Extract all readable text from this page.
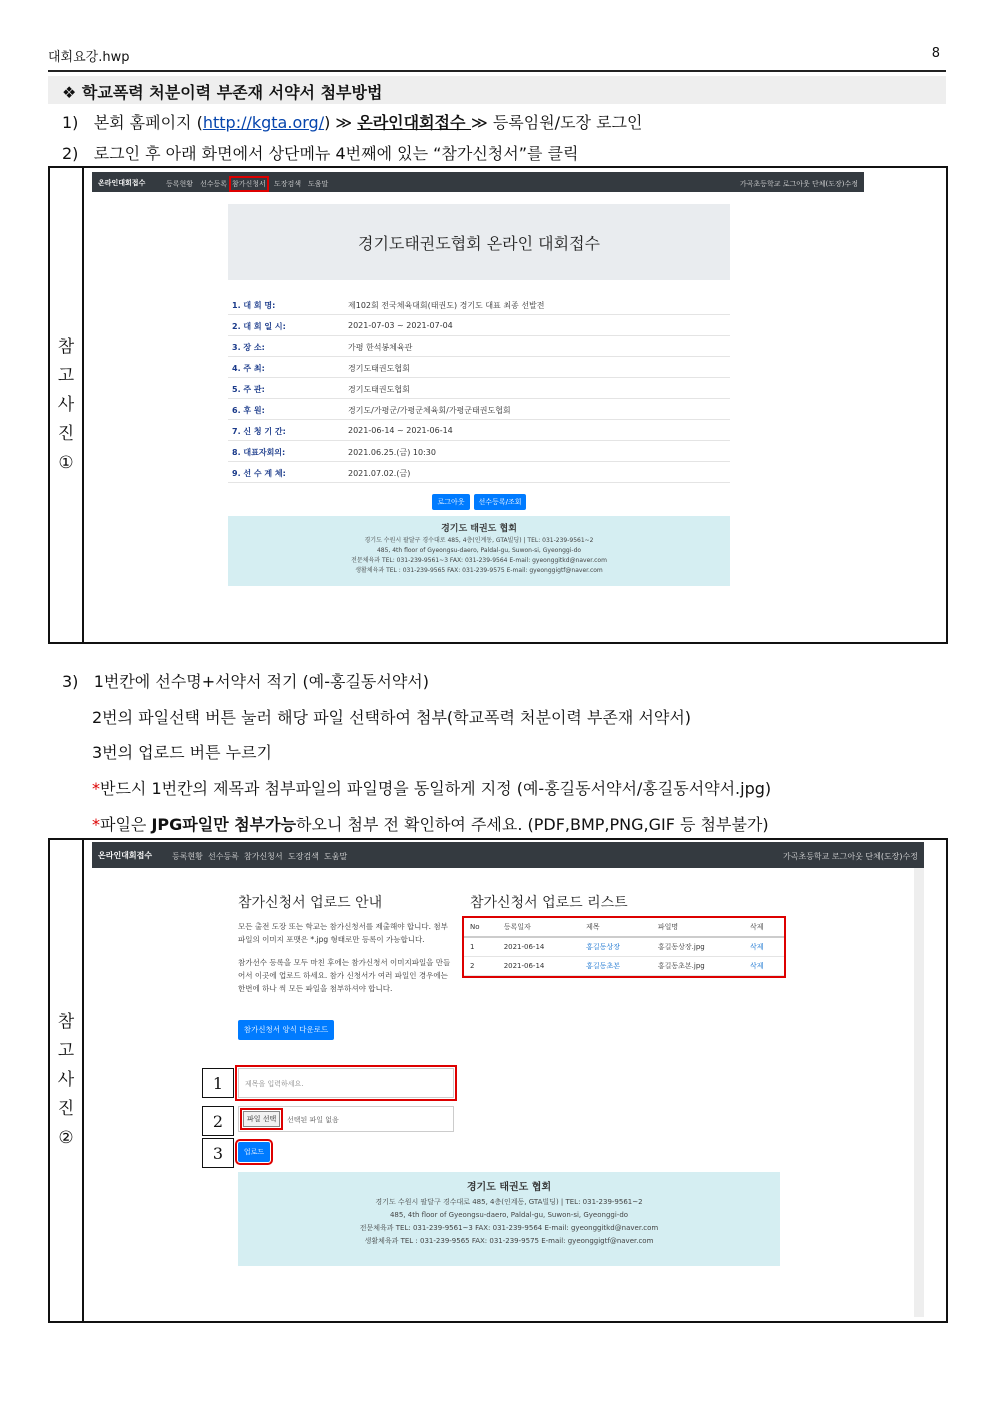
대회요강.hwp	8
❖ 학교폭력 처분이력 부존재 서약서 첨부방법
1) 본회 홈페이지 (http://kgta.org/) ≫ 온라인대회접수 ≫ 등록임원/도장 로그인
2) 로그인 후 아래 화면에서 상단메뉴 4번째에 있는 “참가신청서”를 클릭
참
고
사
진
①
온라인대회접수	등록현황 선수등록 참가신청서 도장검색 도움말	가곡초등학교 로그아웃 단체(도장)수정
경기도태권도협회 온라인 대회접수
1. 대 회 명:	제102회 전국체육대회(태권도) 경기도 대표 최종 선발전
2. 대 회 일 시:	2021-07-03 ~ 2021-07-04
3. 장 소:	가평 한석봉체육관
4. 주 최:	경기도태권도협회
5. 주 관:	경기도태권도협회
6. 후 원:	경기도/가평군/가평군체육회/가평군태권도협회
7. 신 청 기 간:	2021-06-14 ~ 2021-06-14
8. 대표자회의:	2021.06.25.(금) 10:30
9. 선 수 계 체:	2021.07.02.(금)
로그아웃	선수등록/조회
경기도 태권도 협회
경기도 수원시 팔달구 경수대로 485, 4층(인계동, GTA빌딩) | TEL: 031-239-9561~2
485, 4th floor of Gyeongsu-daero, Paldal-gu, Suwon-si, Gyeonggi-do
전문체육과 TEL: 031-239-9561~3 FAX: 031-239-9564 E-mail: gyeonggitkd@naver.com
생활체육과 TEL : 031-239-9565 FAX: 031-239-9575 E-mail: gyeonggigtf@naver.com
3) 1번칸에 선수명+서약서 적기 (예-홍길동서약서)
2번의 파일선택 버튼 눌러 해당 파일 선택하여 첨부(학교폭력 처분이력 부존재 서약서)
3번의 업로드 버튼 누르기
*반드시 1번칸의 제목과 첨부파일의 파일명을 동일하게 지정 (예-홍길동서약서/홍길동서약서.jpg)
*파일은 JPG파일만 첨부가능하오니 첨부 전 확인하여 주세요. (PDF,BMP,PNG,GIF 등 첨부불가)
참
고
사
진
②
온라인대회접수 등록현황 선수등록 참가신청서 도장검색 도움말	가곡초등학교 로그아웃 단체(도장)수정
참가신청서 업로드 안내
모든 출전 도장 또는 학교는 참가신청서를 제출해야 합니다. 첨부파일의 이미지 포맷은 *.jpg 형태로만 등록이 가능합니다.
참가선수 등록을 모두 마친 후에는 참가신청서 이미지파일을 만들어서 이곳에 업로드 하세요. 참가 신청서가 여러 파일인 경우에는 한번에 하나 씩 모든 파일을 첨부하셔야 합니다.
참가신청서 양식 다운로드
참가신청서 업로드 리스트
No	등록일자	제목	파일명	삭제
1	2021-06-14	홍길동상장	홍길동상장.jpg	삭제
2	2021-06-14	홍길동초본	홍길동초본.jpg	삭제
1
2
3
제목을 입력하세요.
파일 선택	선택된 파일 없음
업로드
경기도 태권도 협회
경기도 수원시 팔달구 경수대로 485, 4층(인계동, GTA빌딩) | TEL: 031-239-9561~2
485, 4th floor of Gyeongsu-daero, Paldal-gu, Suwon-si, Gyeonggi-do
전문체육과 TEL: 031-239-9561~3 FAX: 031-239-9564 E-mail: gyeonggitkd@naver.com
생활체육과 TEL : 031-239-9565 FAX: 031-239-9575 E-mail: gyeonggigtf@naver.com
